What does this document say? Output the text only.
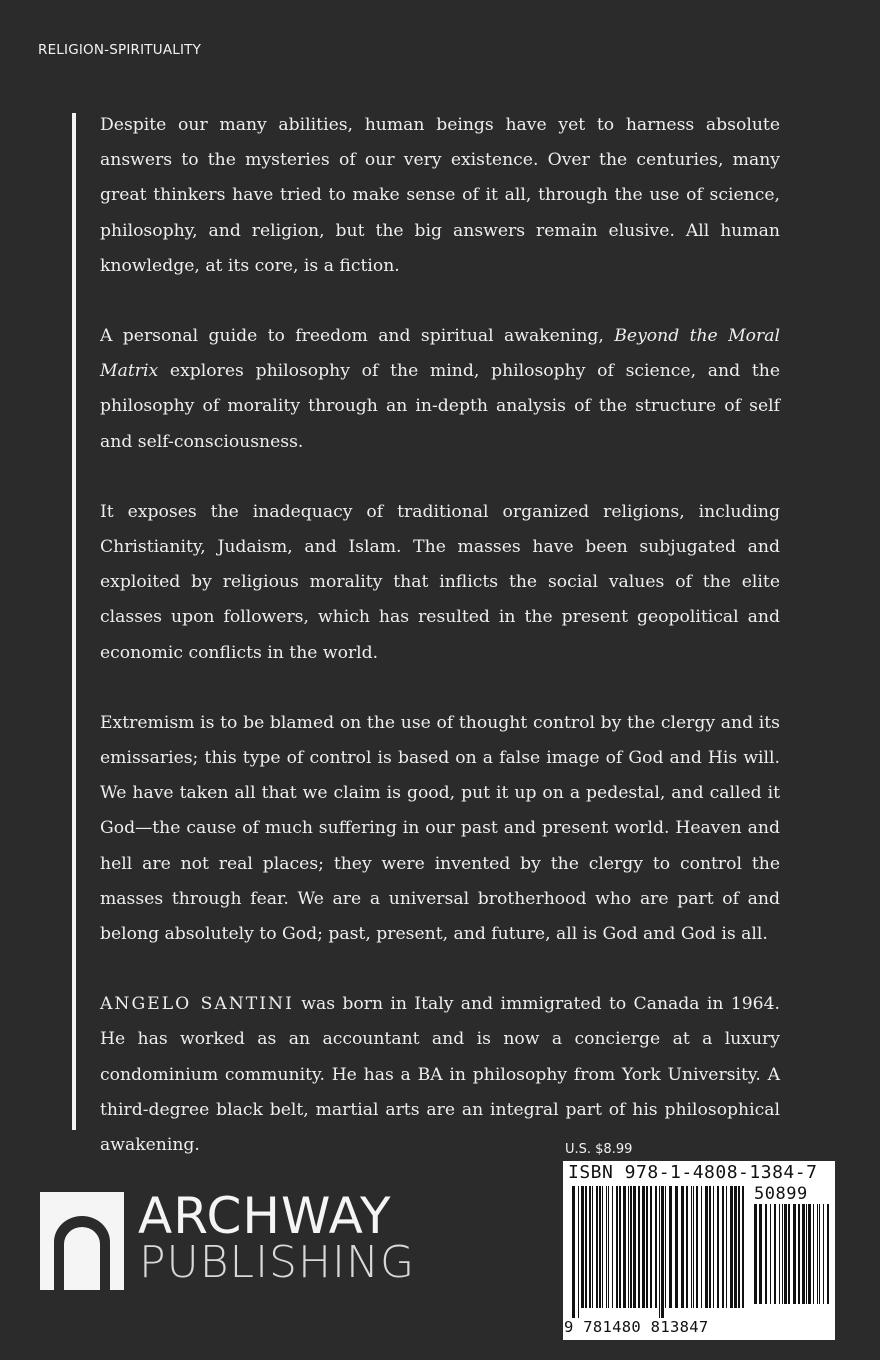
RELIGION-SPIRITUALITY

Despite our many abilities, human beings have yet to harness absolute answers to the mysteries of our very existence. Over the centuries, many great thinkers have tried to make sense of it all, through the use of science, philosophy, and religion, but the big answers remain elusive. All human knowledge, at its core, is a fiction.

A personal guide to freedom and spiritual awakening, Beyond the Moral Matrix explores philosophy of the mind, philosophy of science, and the philosophy of morality through an in-depth analysis of the structure of self and self-consciousness.

It exposes the inadequacy of traditional organized religions, including Christianity, Judaism, and Islam. The masses have been subjugated and exploited by religious morality that inflicts the social values of the elite classes upon followers, which has resulted in the present geopolitical and economic conflicts in the world.

Extremism is to be blamed on the use of thought control by the clergy and its emissaries; this type of control is based on a false image of God and His will. We have taken all that we claim is good, put it up on a pedestal, and called it God—the cause of much suffering in our past and present world. Heaven and hell are not real places; they were invented by the clergy to control the masses through fear. We are a universal brotherhood who are part of and belong absolutely to God; past, present, and future, all is God and God is all.

ANGELO SANTINI was born in Italy and immigrated to Canada in 1964. He has worked as an accountant and is now a concierge at a luxury condominium community. He has a BA in philosophy from York University. A third-degree black belt, martial arts are an integral part of his philosophical awakening.

ARCHWAY
PUBLISHING
U.S. $8.99
ISBN 978-1-4808-1384-7
9 781480 813847
50899
